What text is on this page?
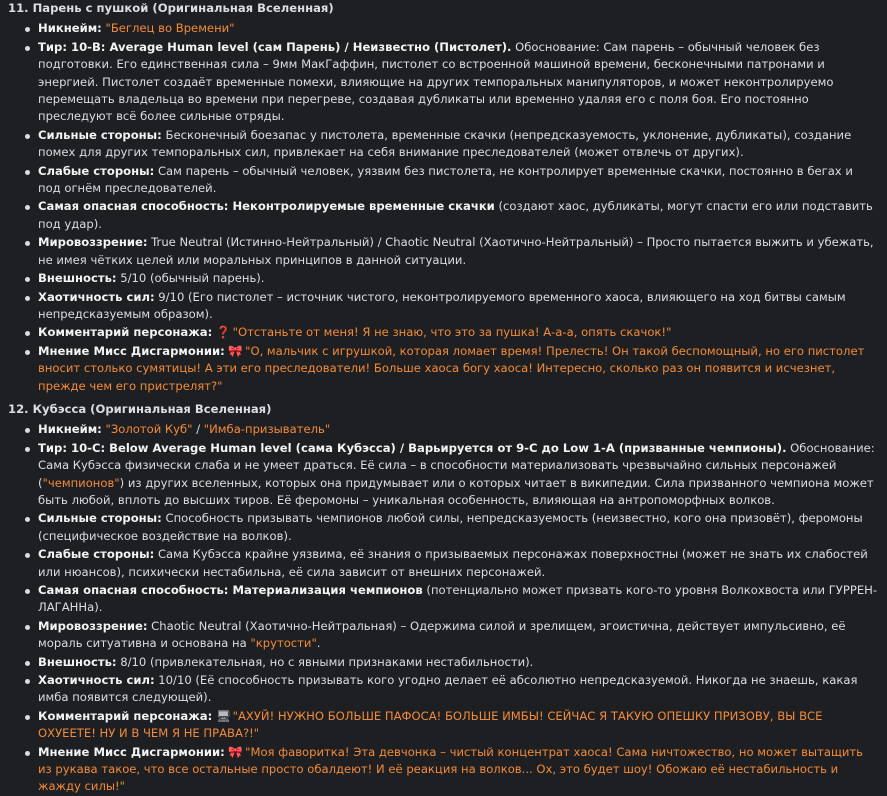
11. Парень с пушкой (Оригинальная Вселенная)

Никнейм: "Беглец во Времени"
Тир: 10-B: Average Human level (сам Парень) / Неизвестно (Пистолет). Обоснование: Сам парень – обычный человек без подготовки. Его единственная сила – 9мм МакГаффин, пистолет со встроенной машиной времени, бесконечными патронами и энергией. Пистолет создаёт временные помехи, влияющие на других темпоральных манипуляторов, и может неконтролируемо перемещать владельца во времени при перегреве, создавая дубликаты или временно удаляя его с поля боя. Его постоянно преследуют всё более сильные отряды.
Сильные стороны: Бесконечный боезапас у пистолета, временные скачки (непредсказуемость, уклонение, дубликаты), создание помех для других темпоральных сил, привлекает на себя внимание преследователей (может отвлечь от других).
Слабые стороны: Сам парень – обычный человек, уязвим без пистолета, не контролирует временные скачки, постоянно в бегах и под огнём преследователей.
Самая опасная способность: Неконтролируемые временные скачки (создают хаос, дубликаты, могут спасти его или подставить под удар).
Мировоззрение: True Neutral (Истинно-Нейтральный) / Chaotic Neutral (Хаотично-Нейтральный) – Просто пытается выжить и убежать, не имея чётких целей или моральных принципов в данной ситуации.
Внешность: 5/10 (обычный парень).
Хаотичность сил: 9/10 (Его пистолет – источник чистого, неконтролируемого временного хаоса, влияющего на ход битвы самым непредсказуемым образом).
Комментарий персонажа: ❓ "Отстаньте от меня! Я не знаю, что это за пушка! А-а-а, опять скачок!"
Мнение Мисс Дисгармонии: 🎀 "О, мальчик с игрушкой, которая ломает время! Прелесть! Он такой беспомощный, но его пистолет вносит столько сумятицы! А эти его преследователи! Больше хаоса богу хаоса! Интересно, сколько раз он появится и исчезнет, прежде чем его пристрелят?"

12. Кубэсса (Оригинальная Вселенная)

Никнейм: "Золотой Куб" / "Имба-призыватель"
Тир: 10-C: Below Average Human level (сама Кубэсса) / Варьируется от 9-C до Low 1-A (призванные чемпионы). Обоснование: Сама Кубэсса физически слаба и не умеет драться. Её сила – в способности материализовать чрезвычайно сильных персонажей ("чемпионов") из других вселенных, которых она придумывает или о которых читает в википедии. Сила призванного чемпиона может быть любой, вплоть до высших тиров. Её феромоны – уникальная особенность, влияющая на антропоморфных волков.
Сильные стороны: Способность призывать чемпионов любой силы, непредсказуемость (неизвестно, кого она призовёт), феромоны (специфическое воздействие на волков).
Слабые стороны: Сама Кубэсса крайне уязвима, её знания о призываемых персонажах поверхностны (может не знать их слабостей или нюансов), психически нестабильна, её сила зависит от внешних персонажей.
Самая опасная способность: Материализация чемпионов (потенциально может призвать кого-то уровня Волкохвоста или ГУРРЕН-ЛАГАННа).
Мировоззрение: Chaotic Neutral (Хаотично-Нейтральная) – Одержима силой и зрелищем, эгоистична, действует импульсивно, её мораль ситуативна и основана на "крутости".
Внешность: 8/10 (привлекательная, но с явными признаками нестабильности).
Хаотичность сил: 10/10 (Её способность призывать кого угодно делает её абсолютно непредсказуемой. Никогда не знаешь, какая имба появится следующей).
Комментарий персонажа: 🖥 "АХУЙ! НУЖНО БОЛЬШЕ ПАФОСА! БОЛЬШЕ ИМБЫ! СЕЙЧАС Я ТАКУЮ ОПЕШКУ ПРИЗОВУ, ВЫ ВСЕ ОХУЕЕТЕ! НУ И В ЧЕМ Я НЕ ПРАВА?!"
Мнение Мисс Дисгармонии: 🎀 "Моя фаворитка! Эта девчонка – чистый концентрат хаоса! Сама ничтожество, но может вытащить из рукава такое, что все остальные просто обалдеют! И её реакция на волков... Ох, это будет шоу! Обожаю её нестабильность и жажду силы!"
